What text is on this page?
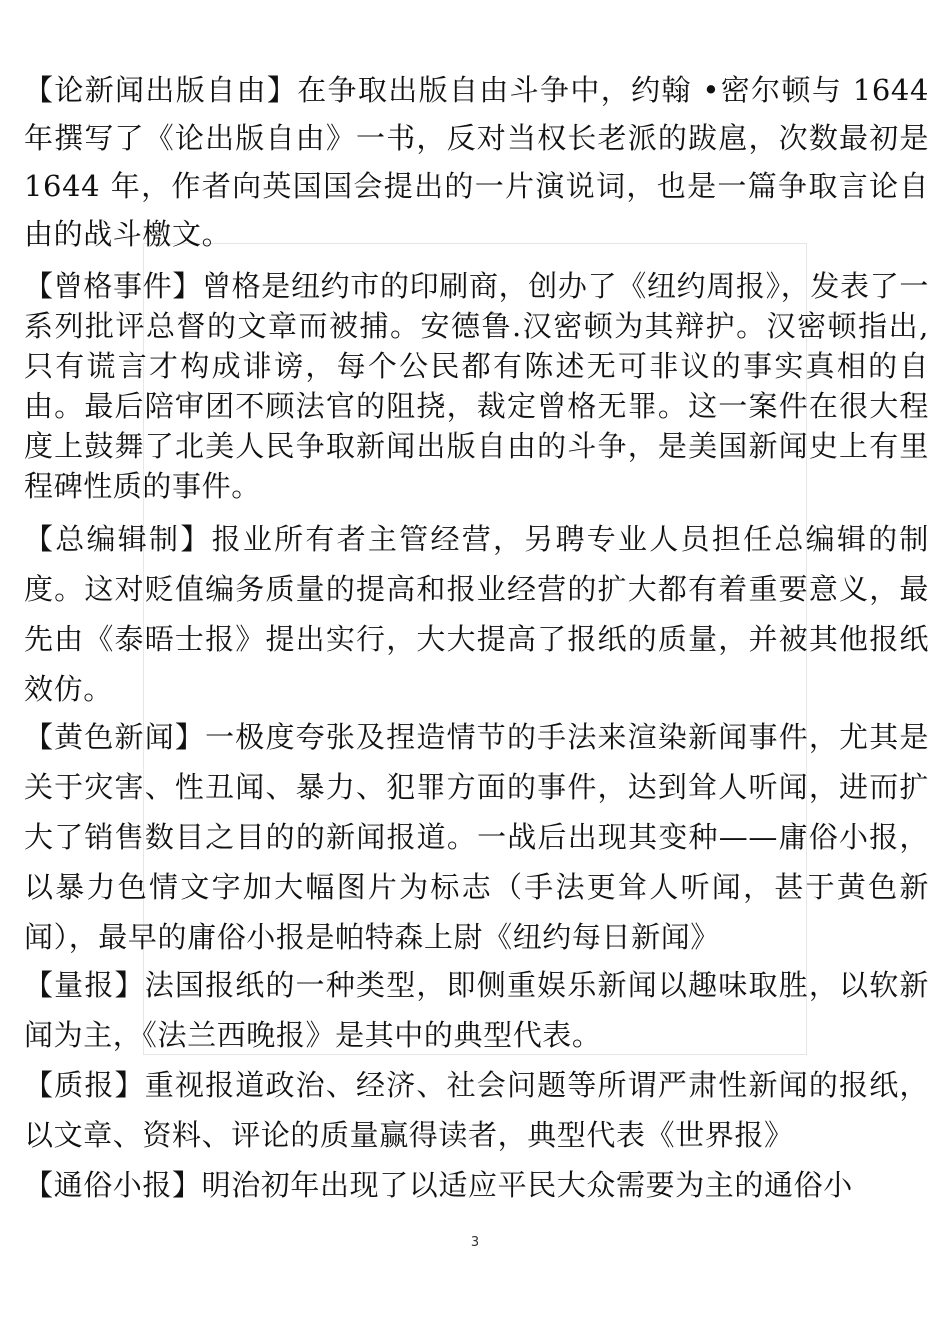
【论新闻出版自由】在争取出版自由斗争中，约翰 •密尔顿与 1644 年撰写了《论出版自由》一书，反对当权长老派的跋扈，次数最初是 1644 年，作者向英国国会提出的一片演说词，也是一篇争取言论自由的战斗檄文。

【曾格事件】曾格是纽约市的印刷商，创办了《纽约周报》，发表了一系列批评总督的文章而被捕。安德鲁.汉密顿为其辩护。汉密顿指出,只有谎言才构成诽谤，每个公民都有陈述无可非议的事实真相的自由。最后陪审团不顾法官的阻挠，裁定曾格无罪。这一案件在很大程度上鼓舞了北美人民争取新闻出版自由的斗争，是美国新闻史上有里程碑性质的事件。

【总编辑制】报业所有者主管经营，另聘专业人员担任总编辑的制度。这对贬值编务质量的提高和报业经营的扩大都有着重要意义，最先由《泰晤士报》提出实行，大大提高了报纸的质量，并被其他报纸效仿。

【黄色新闻】一极度夸张及捏造情节的手法来渲染新闻事件，尤其是关于灾害、性丑闻、暴力、犯罪方面的事件，达到耸人听闻，进而扩大了销售数目之目的的新闻报道。一战后出现其变种——庸俗小报，以暴力色情文字加大幅图片为标志（手法更耸人听闻，甚于黄色新闻），最早的庸俗小报是帕特森上尉《纽约每日新闻》

【量报】法国报纸的一种类型，即侧重娱乐新闻以趣味取胜，以软新闻为主，《法兰西晚报》是其中的典型代表。

【质报】重视报道政治、经济、社会问题等所谓严肃性新闻的报纸，以文章、资料、评论的质量赢得读者，典型代表《世界报》

【通俗小报】明治初年出现了以适应平民大众需要为主的通俗小

3
